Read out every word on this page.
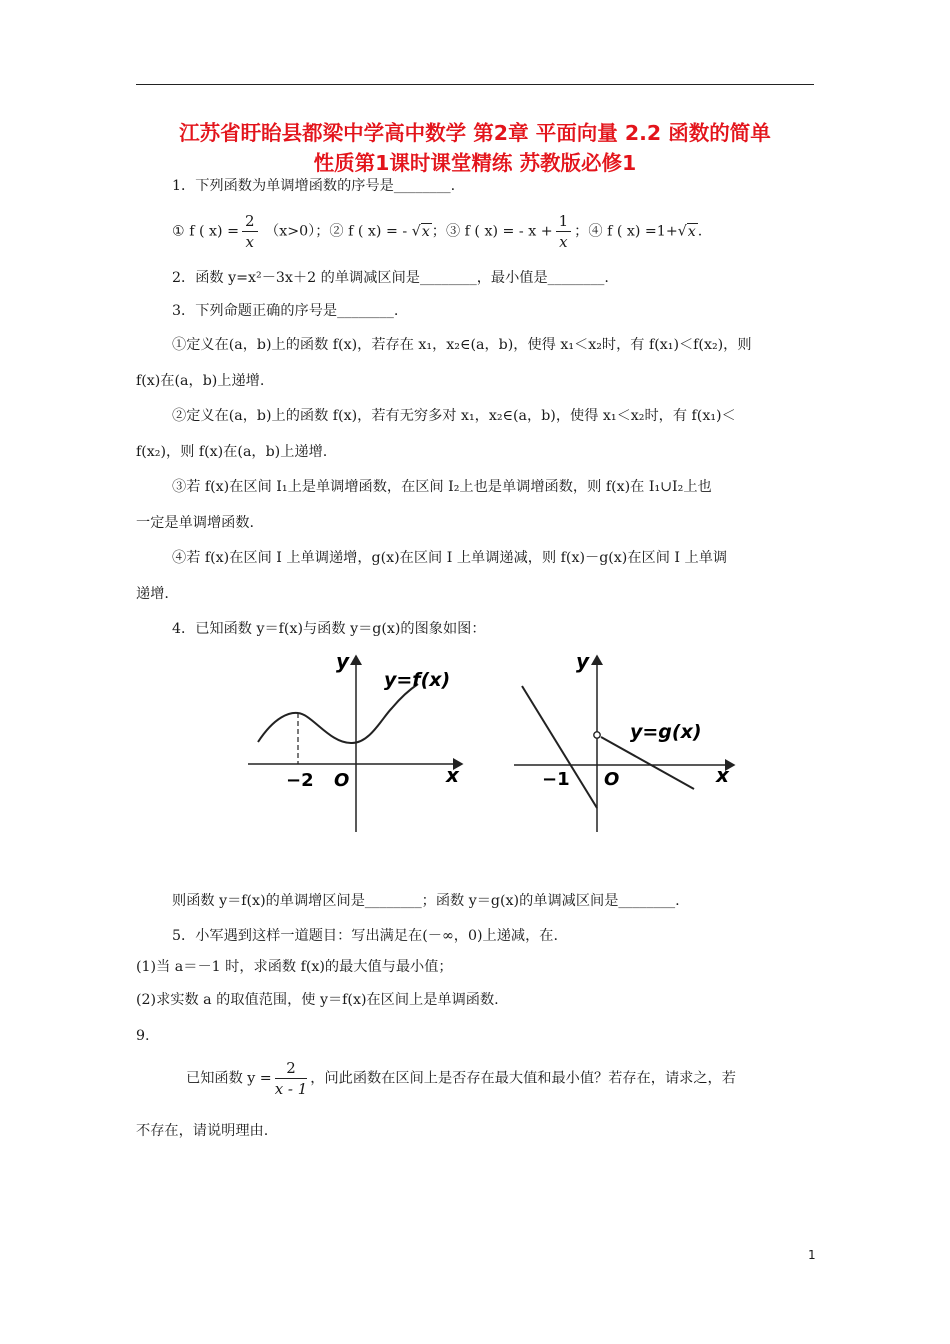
江苏省盱眙县都梁中学高中数学 第2章 平面向量 2.2 函数的简单
性质第1课时课堂精练 苏教版必修1
1．下列函数为单调增函数的序号是________.
① f ( $x) = \frac{2}{x} (x>0)$；② f ( x) = - √x ；③ f ( x) = - $x + \frac{1}{x}$ ；④ f ( x) =1+√x .
2．函数 y=x²－3x＋2 的单调减区间是________，最小值是________.
3．下列命题正确的序号是________.
①定义在(a，b)上的函数 f(x)，若存在 x₁，x₂∈(a，b)，使得 x₁＜x₂时，有 f(x₁)＜f(x₂)，则
f(x)在(a，b)上递增.
②定义在(a，b)上的函数 f(x)，若有无穷多对 x₁，x₂∈(a，b)，使得 x₁＜x₂时，有 f(x₁)＜
f(x₂)，则 f(x)在(a，b)上递增.
③若 f(x)在区间 I₁上是单调增函数，在区间 I₂上也是单调增函数，则 f(x)在 I₁∪I₂上也
一定是单调增函数.
④若 f(x)在区间 I 上单调递增，g(x)在区间 I 上单调递减，则 f(x)－g(x)在区间 I 上单调
递增.
4．已知函数 y＝f(x)与函数 y＝g(x)的图象如图：
y
y=f(x)
−2 O	x
y
y=g(x)
−1 O	x
则函数 y＝f(x)的单调增区间是________；函数 y＝g(x)的单调减区间是________.
5．小军遇到这样一道题目：写出满足在(－∞，0)上递减，在.
(1)当 a＝－1 时，求函数 f(x)的最大值与最小值；
(2)求实数 a 的取值范围，使 y＝f(x)在区间上是单调函数.
9.
已知函数 $y = \frac{2}{x - 1}$ ，问此函数在区间上是否存在最大值和最小值？若存在，请求之，若
不存在，请说明理由.
1
